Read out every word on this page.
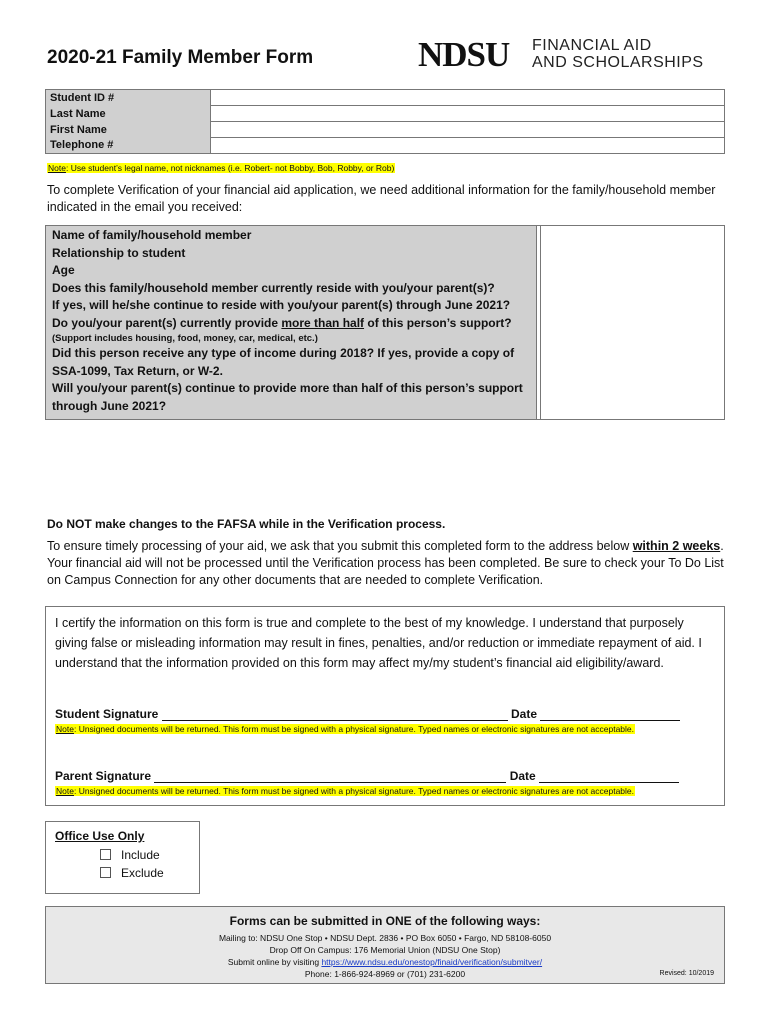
2020-21 Family Member Form	NDSU FINANCIAL AID
AND SCHOLARSHIPS
Student ID #	
Last Name	
First Name	
Telephone #	
Note: Use student’s legal name, not nicknames (i.e. Robert- not Bobby, Bob, Robby, or Rob)
To complete Verification of your financial aid application, we need additional information for the family/household member indicated in the email you received:
Name of family/household member
Relationship to student
Age
Does this family/household member currently reside with you/your parent(s)?
If yes, will he/she continue to reside with you/your parent(s) through June 2021?
Do you/your parent(s) currently provide more than half of this person’s support?
(Support includes housing, food, money, car, medical, etc.)
Did this person receive any type of income during 2018? If yes, provide a copy of SSA-1099, Tax Return, or W-2.
Will you/your parent(s) continue to provide more than half of this person’s support through June 2021?
Do NOT make changes to the FAFSA while in the Verification process.
To ensure timely processing of your aid, we ask that you submit this completed form to the address below within 2 weeks. Your financial aid will not be processed until the Verification process has been completed. Be sure to check your To Do List on Campus Connection for any other documents that are needed to complete Verification.
I certify the information on this form is true and complete to the best of my knowledge. I understand that purposely giving false or misleading information may result in fines, penalties, and/or reduction or immediate repayment of aid. I understand that the information provided on this form may affect my/my student’s financial aid eligibility/award.
Student Signature	Date
Note: Unsigned documents will be returned. This form must be signed with a physical signature. Typed names or electronic signatures are not acceptable.
Parent Signature	Date
Note: Unsigned documents will be returned. This form must be signed with a physical signature. Typed names or electronic signatures are not acceptable.
Office Use Only
Include
Exclude
Forms can be submitted in ONE of the following ways:
Mailing to: NDSU One Stop • NDSU Dept. 2836 • PO Box 6050 • Fargo, ND 58108-6050
Drop Off On Campus: 176 Memorial Union (NDSU One Stop)
Submit online by visiting https://www.ndsu.edu/onestop/finaid/verification/submitver/
Phone: 1-866-924-8969 or (701) 231-6200	Revised: 10/2019
